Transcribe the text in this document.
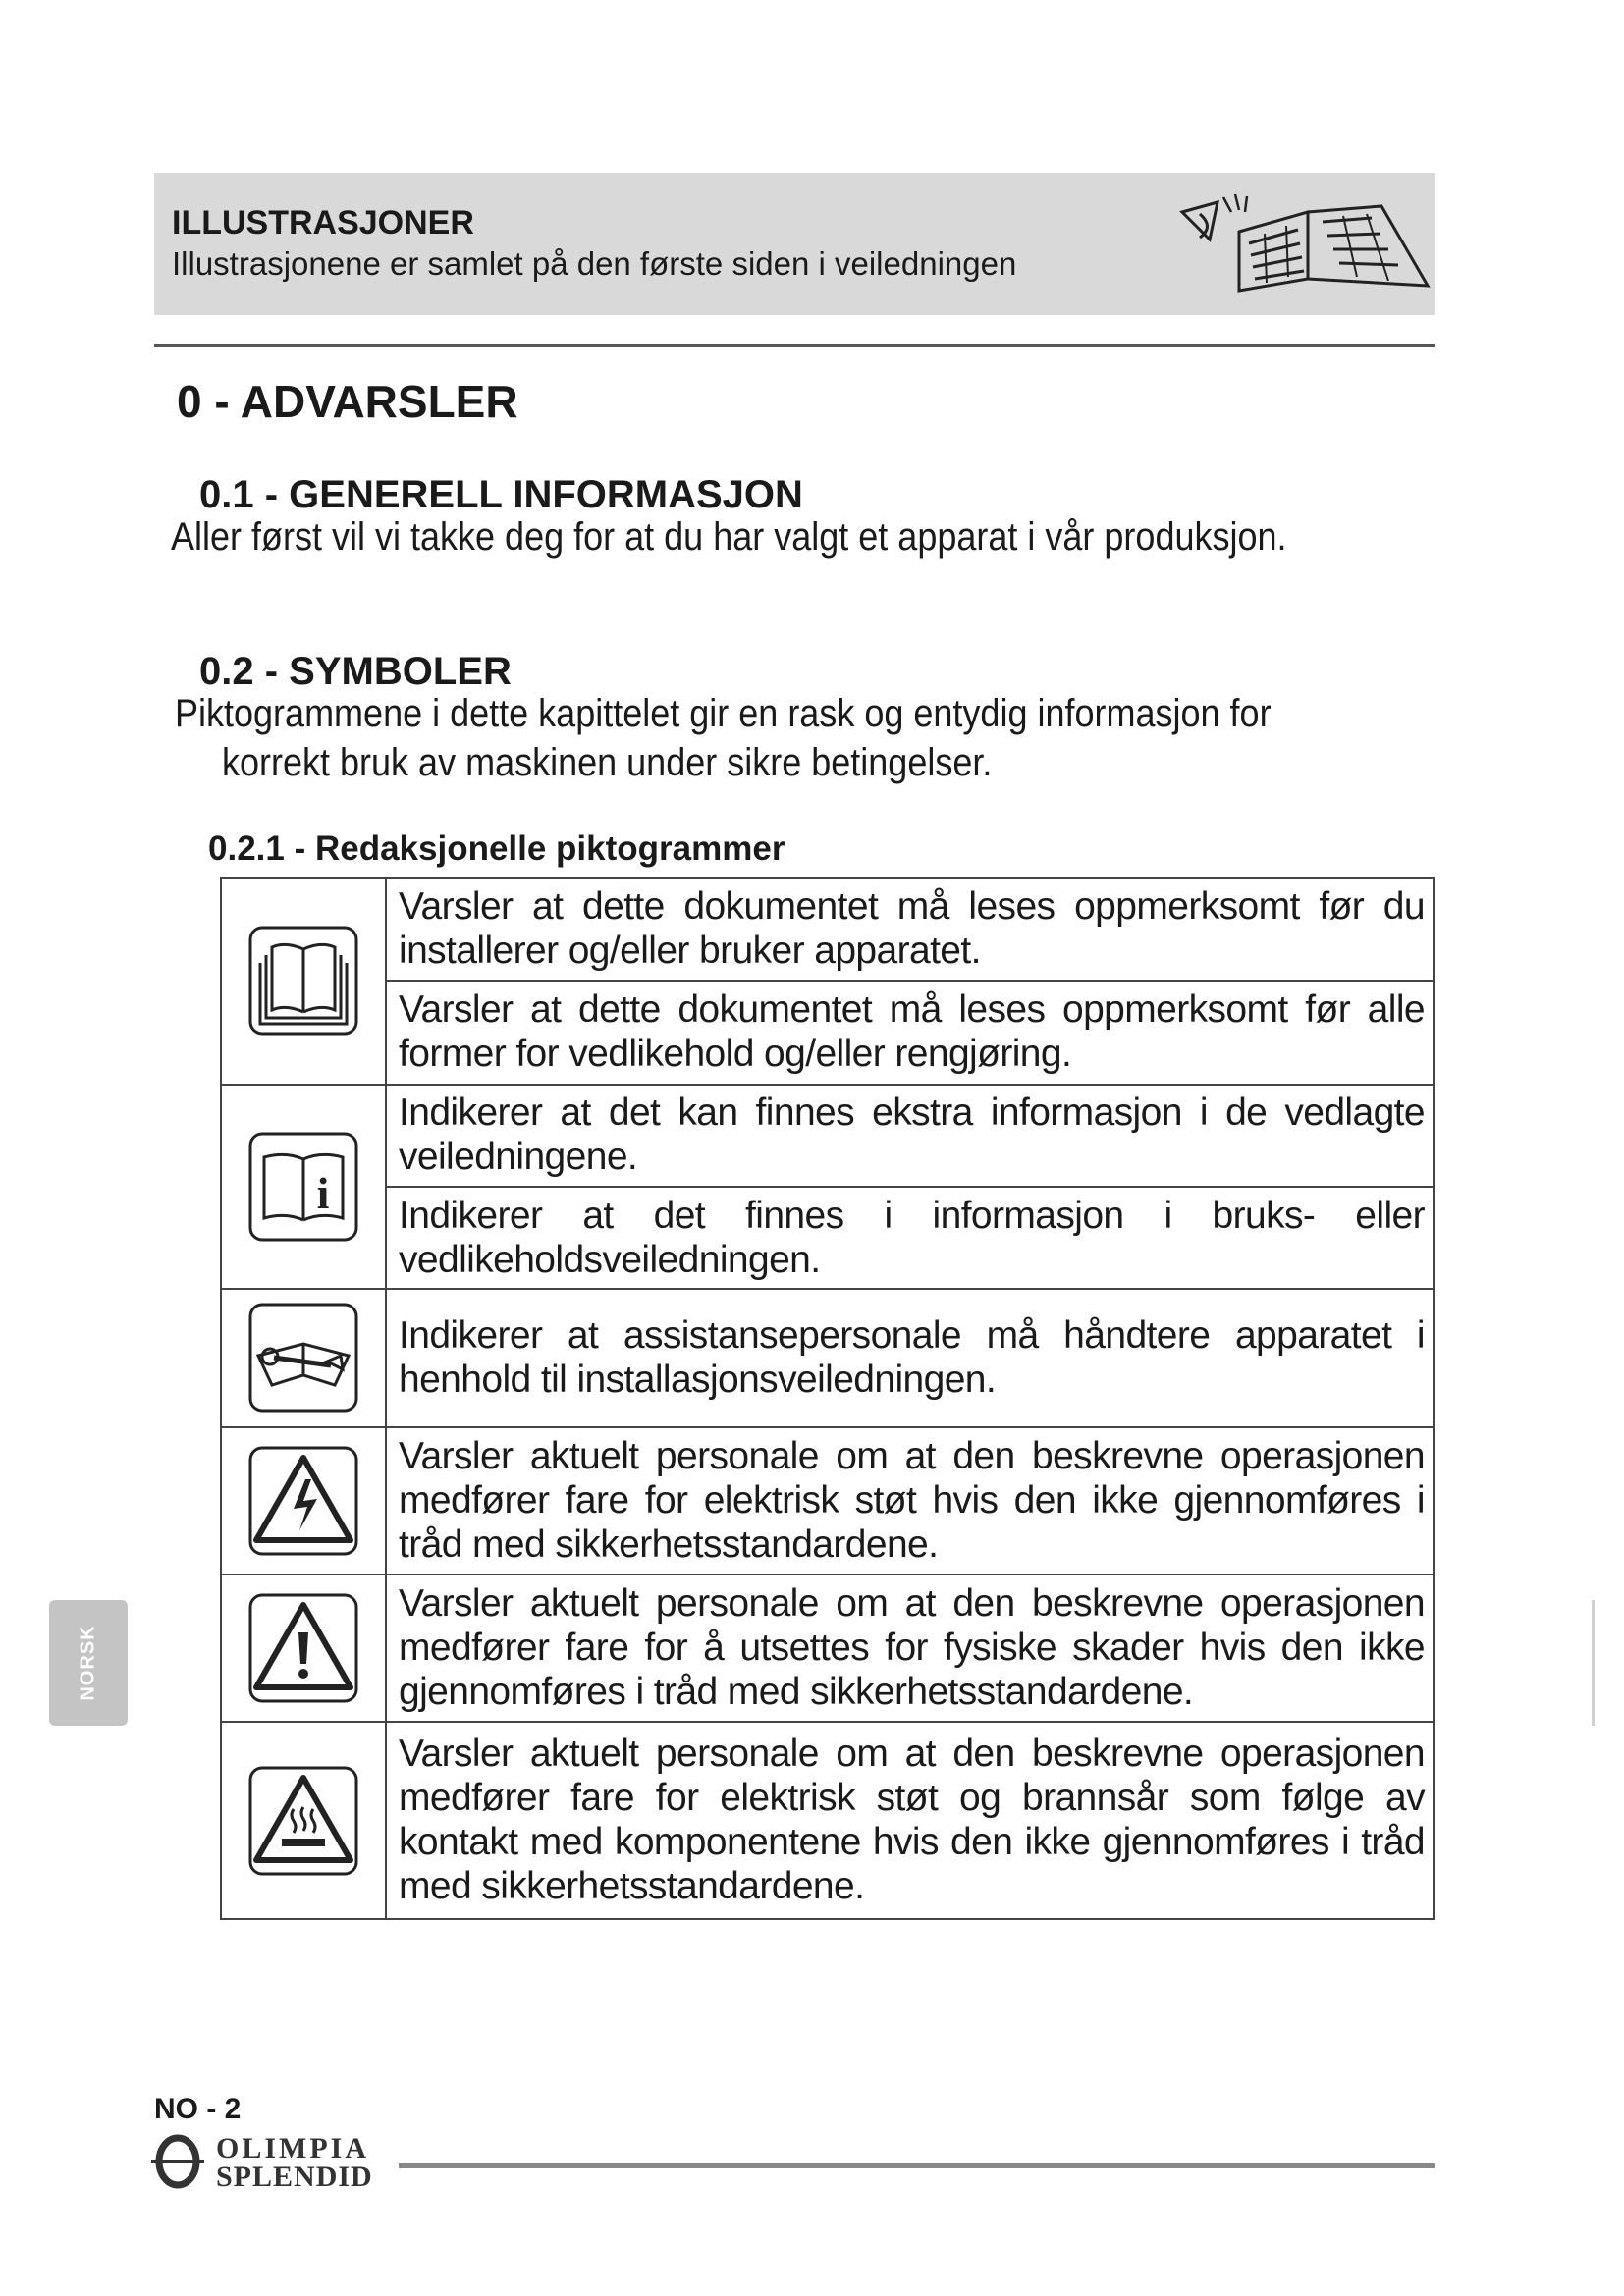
ILLUSTRASJONER
Illustrasjonene er samlet på den første siden i veiledningen
0 - ADVARSLER
0.1 - GENERELL INFORMASJON
Aller først vil vi takke deg for at du har valgt et apparat i vår produksjon.
0.2 - SYMBOLER
Piktogrammene i dette kapittelet gir en rask og entydig informasjon for
korrekt bruk av maskinen under sikre betingelser.
0.2.1 - Redaksjonelle piktogrammer
	Varsler at dette dokumentet må leses oppmerksomt før du installerer og/eller bruker apparatet.
	Varsler at dette dokumentet må leses oppmerksomt før alle former for vedlikehold og/eller rengjøring.

i	Indikerer at det kan finnes ekstra informasjon i de vedlagte veiledningene.
	Indikerer at det finnes i informasjon i bruks- eller vedlikeholdsveiledningen.

	Indikerer at assistansepersonale må håndtere apparatet i henhold til installasjonsveiledningen.

	Varsler aktuelt personale om at den beskrevne operasjonen medfører fare for elektrisk støt hvis den ikke gjennomføres i tråd med sikkerhetsstandardene.

	Varsler aktuelt personale om at den beskrevne operasjonen medfører fare for å utsettes for fysiske skader hvis den ikke gjennomføres i tråd med sikkerhetsstandardene.

	Varsler aktuelt personale om at den beskrevne operasjonen medfører fare for elektrisk støt og brannsår som følge av kontakt med komponentene hvis den ikke gjennomføres i tråd med sikkerhetsstandardene.
NORSK
NO - 2
OLIMPIA
SPLENDID
